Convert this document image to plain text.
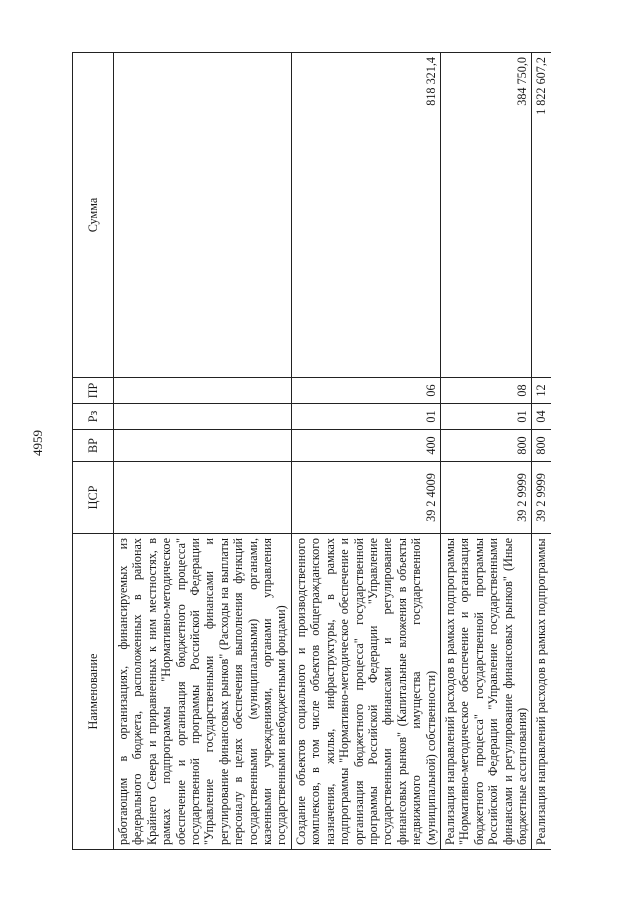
4959
Наименование	ЦСР	ВР	Рз	ПР	Сумма
работающим в организациях, финансируемых из федерального бюджета, расположенных в районах Крайнего Севера и приравненных к ним местностях, в рамках подпрограммы "Нормативно-методическое обеспечение и организация бюджетного процесса" государственной программы Российской Федерации "Управление государственными финансами и регулирование финансовых рынков" (Расходы на выплаты персоналу в целях обеспечения выполнения функций государственными (муниципальными) органами, казенными учреждениями, органами управления государственными внебюджетными фондами)					
Создание объектов социального и производственного комплексов, в том числе объектов общегражданского назначения, жилья, инфраструктуры, в рамках подпрограммы "Нормативно-методическое обеспечение и организация бюджетного процесса" государственной программы Российской Федерации "Управление государственными финансами и регулирование финансовых рынков" (Капитальные вложения в объекты недвижимого имущества государственной (муниципальной) собственности)	39 2 4009	400	01	06	818 321,4
Реализация направлений расходов в рамках подпрограммы "Нормативно-методическое обеспечение и организация бюджетного процесса" государственной программы Российской Федерации "Управление государственными финансами и регулирование финансовых рынков" (Иные бюджетные ассигнования)	39 2 9999	800	01	08	384 750,0
Реализация направлений расходов в рамках подпрограммы	39 2 9999	800	04	12	1 822 607,2
